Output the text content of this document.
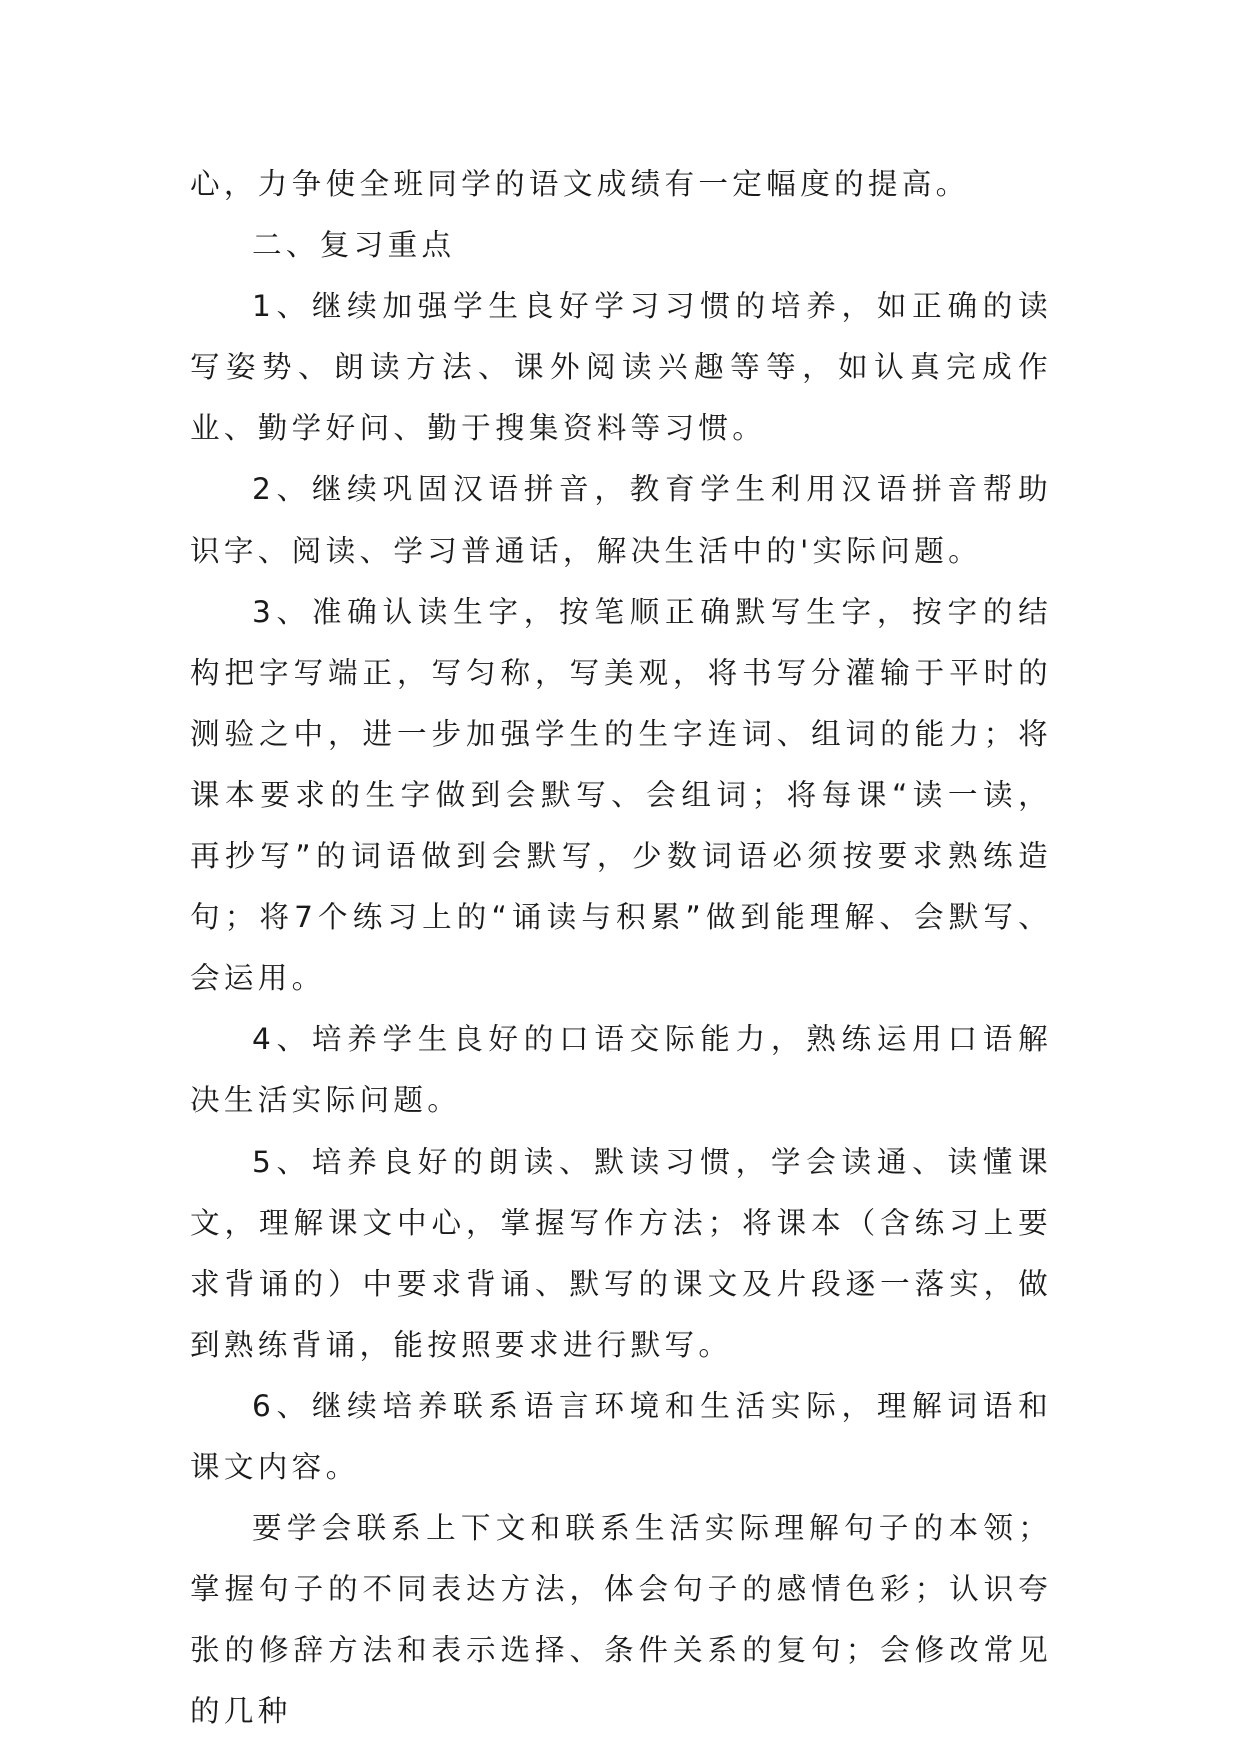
心，力争使全班同学的语文成绩有一定幅度的提高。

二、复习重点

1、继续加强学生良好学习习惯的培养，如正确的读写姿势、朗读方法、课外阅读兴趣等等，如认真完成作业、勤学好问、勤于搜集资料等习惯。

2、继续巩固汉语拼音，教育学生利用汉语拼音帮助识字、阅读、学习普通话，解决生活中的'实际问题。

3、准确认读生字，按笔顺正确默写生字，按字的结构把字写端正，写匀称，写美观，将书写分灌输于平时的测验之中，进一步加强学生的生字连词、组词的能力；将课本要求的生字做到会默写、会组词；将每课“读一读，再抄写”的词语做到会默写，少数词语必须按要求熟练造句；将7个练习上的“诵读与积累”做到能理解、会默写、会运用。

4、培养学生良好的口语交际能力，熟练运用口语解决生活实际问题。

5、培养良好的朗读、默读习惯，学会读通、读懂课文，理解课文中心，掌握写作方法；将课本（含练习上要求背诵的）中要求背诵、默写的课文及片段逐一落实，做到熟练背诵，能按照要求进行默写。

6、继续培养联系语言环境和生活实际，理解词语和课文内容。

要学会联系上下文和联系生活实际理解句子的本领；掌握句子的不同表达方法，体会句子的感情色彩；认识夸张的修辞方法和表示选择、条件关系的复句；会修改常见的几种
